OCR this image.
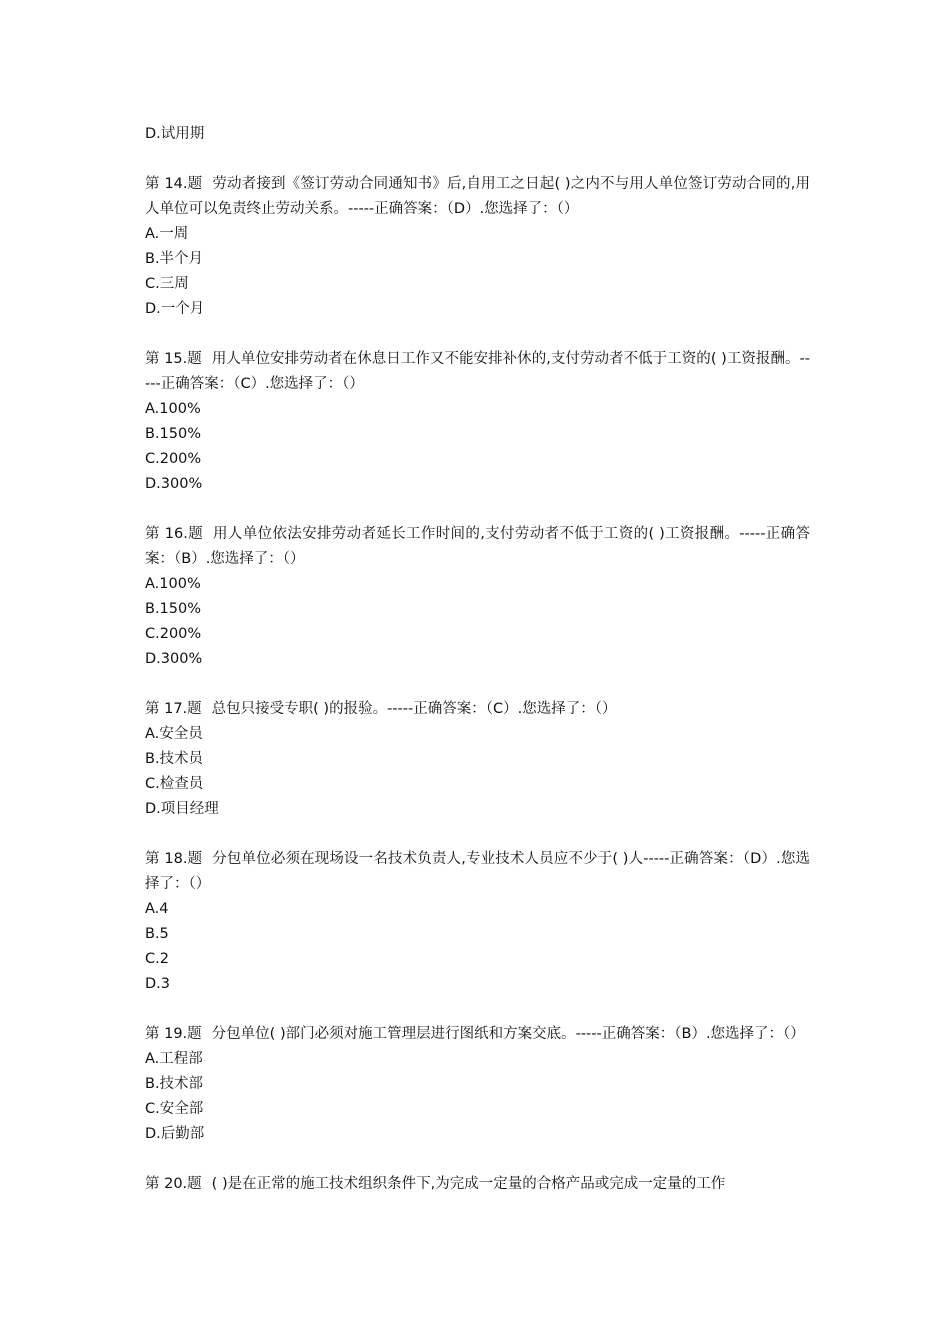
D.试用期

第 14.题 劳动者接到《签订劳动合同通知书》后,自用工之日起( )之内不与用人单位签订劳动合同的,用人单位可以免责终止劳动关系。-----正确答案：（D）.您选择了：（）

A.一周

B.半个月

C.三周

D.一个月

第 15.题 用人单位安排劳动者在休息日工作又不能安排补休的,支付劳动者不低于工资的( )工资报酬。-----正确答案：（C）.您选择了：（）

A.100%

B.150%

C.200%

D.300%

第 16.题 用人单位依法安排劳动者延长工作时间的,支付劳动者不低于工资的( )工资报酬。-----正确答案：（B）.您选择了：（）

A.100%

B.150%

C.200%

D.300%

第 17.题 总包只接受专职( )的报验。-----正确答案：（C）.您选择了：（）

A.安全员

B.技术员

C.检查员

D.项目经理

第 18.题 分包单位必须在现场设一名技术负责人,专业技术人员应不少于( )人-----正确答案：（D）.您选择了：（）

A.4

B.5

C.2

D.3

第 19.题 分包单位( )部门必须对施工管理层进行图纸和方案交底。-----正确答案：（B）.您选择了：（）

A.工程部

B.技术部

C.安全部

D.后勤部

第 20.题 ( )是在正常的施工技术组织条件下,为完成一定量的合格产品或完成一定量的工作
